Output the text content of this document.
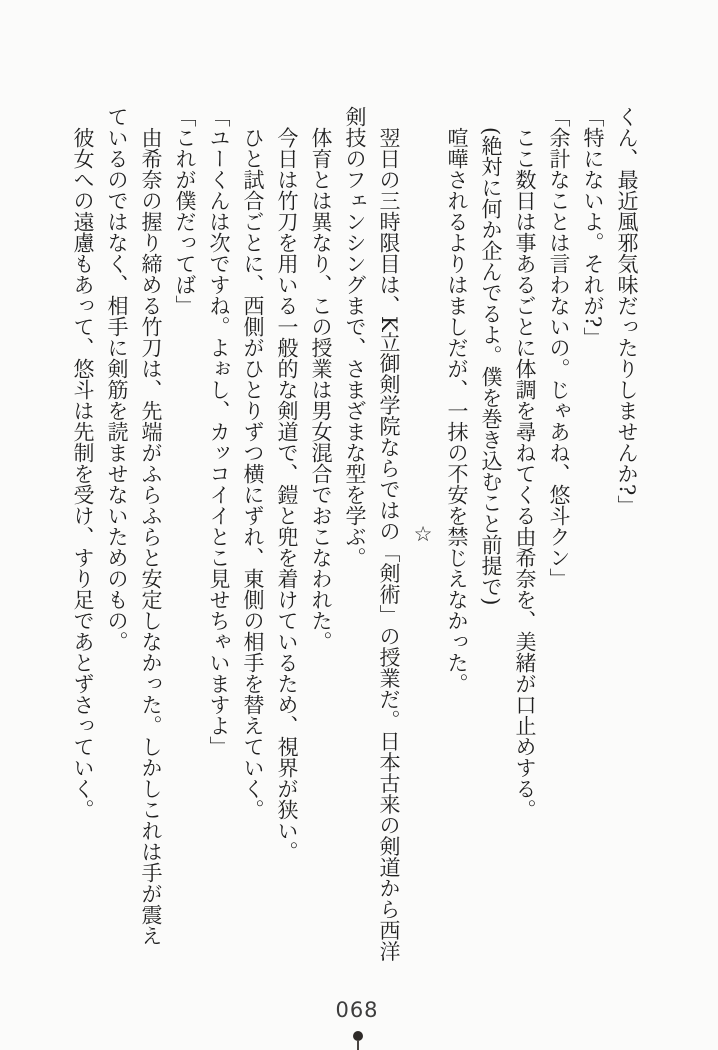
くん、最近風邪気味だったりしませんか?」

「特にないよ。それが?」

「余計なことは言わないの。じゃあね、悠斗クン」

ここ数日は事あるごとに体調を尋ねてくる由希奈を、美緒が口止めする。

(絶対に何か企んでるよ。僕を巻き込むこと前提で)

喧嘩されるよりはましだが、一抹の不安を禁じえなかった。

☆

翌日の三時限目は、K立御剣学院ならではの「剣術」の授業だ。日本古来の剣道から西洋剣技のフェンシングまで、さまざまな型を学ぶ。

体育とは異なり、この授業は男女混合でおこなわれた。

今日は竹刀を用いる一般的な剣道で、鎧と兜を着けているため、視界が狭い。

ひと試合ごとに、西側がひとりずつ横にずれ、東側の相手を替えていく。

「ユーくんは次ですね。よぉし、カッコイイとこ見せちゃいますよ」

「これが僕だってば」

由希奈の握り締める竹刀は、先端がふらふらと安定しなかった。しかしこれは手が震えているのではなく、相手に剣筋を読ませないためのもの。

彼女への遠慮もあって、悠斗は先制を受け、すり足であとずさっていく。

068
